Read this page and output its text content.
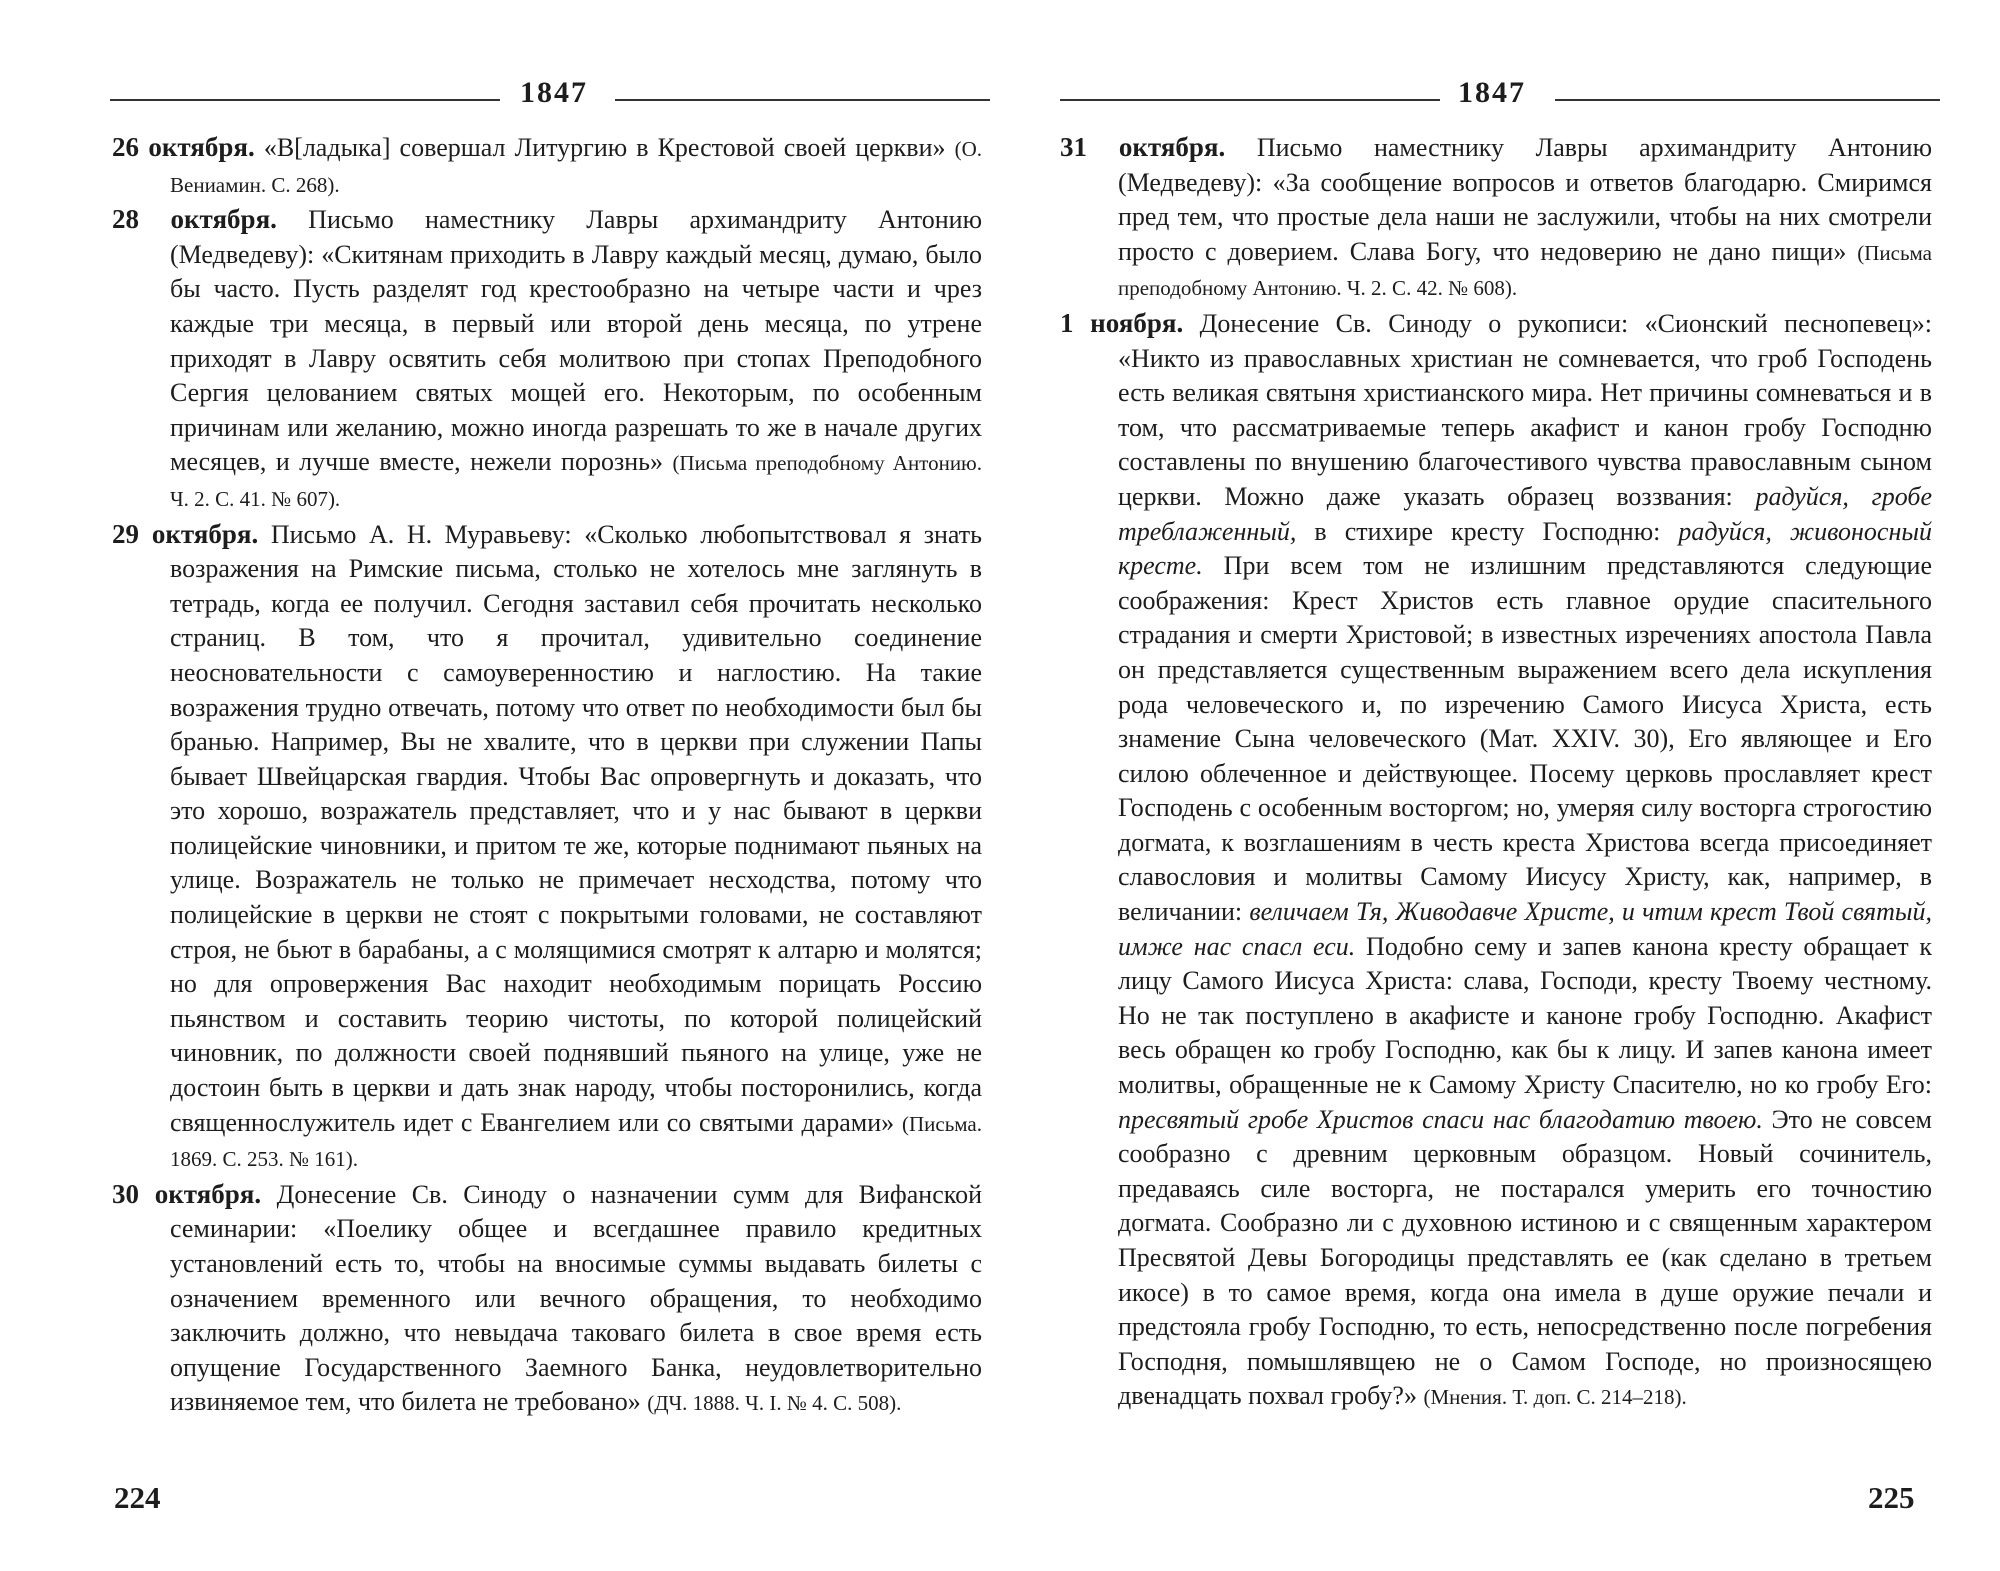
1847

26 октября. «В[ладыка] совершал Литургию в Крестовой своей церкви» (О. Вениамин. С. 268).

28 октября. Письмо наместнику Лавры архимандриту Антонию (Медведеву): «Скитянам приходить в Лавру каждый месяц, думаю, было бы часто. Пусть разделят год крестообразно на четыре части и чрез каждые три месяца, в первый или второй день месяца, по утрене приходят в Лавру освятить себя молитвою при стопах Преподобного Сергия целованием святых мощей его. Некоторым, по особенным причинам или желанию, можно иногда разрешать то же в начале других месяцев, и лучше вместе, нежели порознь» (Письма преподобному Антонию. Ч. 2. С. 41. № 607).

29 октября. Письмо А. Н. Муравьеву: «Сколько любопытствовал я знать возражения на Римские письма, столько не хотелось мне заглянуть в тетрадь, когда ее получил. Сегодня заставил себя прочитать несколько страниц. В том, что я прочитал, удивительно соединение неосновательности с самоуверенностию и наглостию. На такие возражения трудно отвечать, потому что ответ по необходимости был бы бранью. Например, Вы не хвалите, что в церкви при служении Папы бывает Швейцарская гвардия. Чтобы Вас опровергнуть и доказать, что это хорошо, возражатель представляет, что и у нас бывают в церкви полицейские чиновники, и притом те же, которые поднимают пьяных на улице. Возражатель не только не примечает несходства, потому что полицейские в церкви не стоят с покрытыми головами, не составляют строя, не бьют в барабаны, а с молящимися смотрят к алтарю и молятся; но для опровержения Вас находит необходимым порицать Россию пьянством и составить теорию чистоты, по которой полицейский чиновник, по должности своей поднявший пьяного на улице, уже не достоин быть в церкви и дать знак народу, чтобы посторонились, когда священнослужитель идет с Евангелием или со святыми дарами» (Письма. 1869. С. 253. № 161).

30 октября. Донесение Св. Синоду о назначении сумм для Вифанской семинарии: «Поелику общее и всегдашнее правило кредитных установлений есть то, чтобы на вносимые суммы выдавать билеты с означением временного или вечного обращения, то необходимо заключить должно, что невыдача таковаго билета в свое время есть опущение Государственного Заемного Банка, неудовлетворительно извиняемое тем, что билета не требовано» (ДЧ. 1888. Ч. I. № 4. С. 508).

224
1847

31 октября. Письмо наместнику Лавры архимандриту Антонию (Медведеву): «За сообщение вопросов и ответов благодарю. Смиримся пред тем, что простые дела наши не заслужили, чтобы на них смотрели просто с доверием. Слава Богу, что недоверию не дано пищи» (Письма преподобному Антонию. Ч. 2. С. 42. № 608).

1 ноября. Донесение Св. Синоду о рукописи: «Сионский песнопевец»: «Никто из православных христиан не сомневается, что гроб Господень есть великая святыня христианского мира. Нет причины сомневаться и в том, что рассматриваемые теперь акафист и канон гробу Господню составлены по внушению благочестивого чувства православным сыном церкви. Можно даже указать образец воззвания: радуйся, гробе треблаженный, в стихире кресту Господню: радуйся, живоносный кресте. При всем том не излишним представляются следующие соображения: Крест Христов есть главное орудие спасительного страдания и смерти Христовой; в известных изречениях апостола Павла он представляется существенным выражением всего дела искупления рода человеческого и, по изречению Самого Иисуса Христа, есть знамение Сына человеческого (Мат. XXIV. 30), Его являющее и Его силою облеченное и действующее. Посему церковь прославляет крест Господень с особенным восторгом; но, умеряя силу восторга строгостию догмата, к возглашениям в честь креста Христова всегда присоединяет славословия и молитвы Самому Иисусу Христу, как, например, в величании: величаем Тя, Живодавче Христе, и чтим крест Твой святый, имже нас спасл еси. Подобно сему и запев канона кресту обращает к лицу Самого Иисуса Христа: слава, Господи, кресту Твоему честному. Но не так поступлено в акафисте и каноне гробу Господню. Акафист весь обращен ко гробу Господню, как бы к лицу. И запев канона имеет молитвы, обращенные не к Самому Христу Спасителю, но ко гробу Его: пресвятый гробе Христов спаси нас благодатию твоею. Это не совсем сообразно с древним церковным образцом. Новый сочинитель, предаваясь силе восторга, не постарался умерить его точностию догмата. Сообразно ли с духовною истиною и с священным характером Пресвятой Девы Богородицы представлять ее (как сделано в третьем икосе) в то самое время, когда она имела в душе оружие печали и предстояла гробу Господню, то есть, непосредственно после погребения Господня, помышлявщею не о Самом Господе, но произносящею двенадцать похвал гробу?» (Мнения. Т. доп. С. 214–218).

225
